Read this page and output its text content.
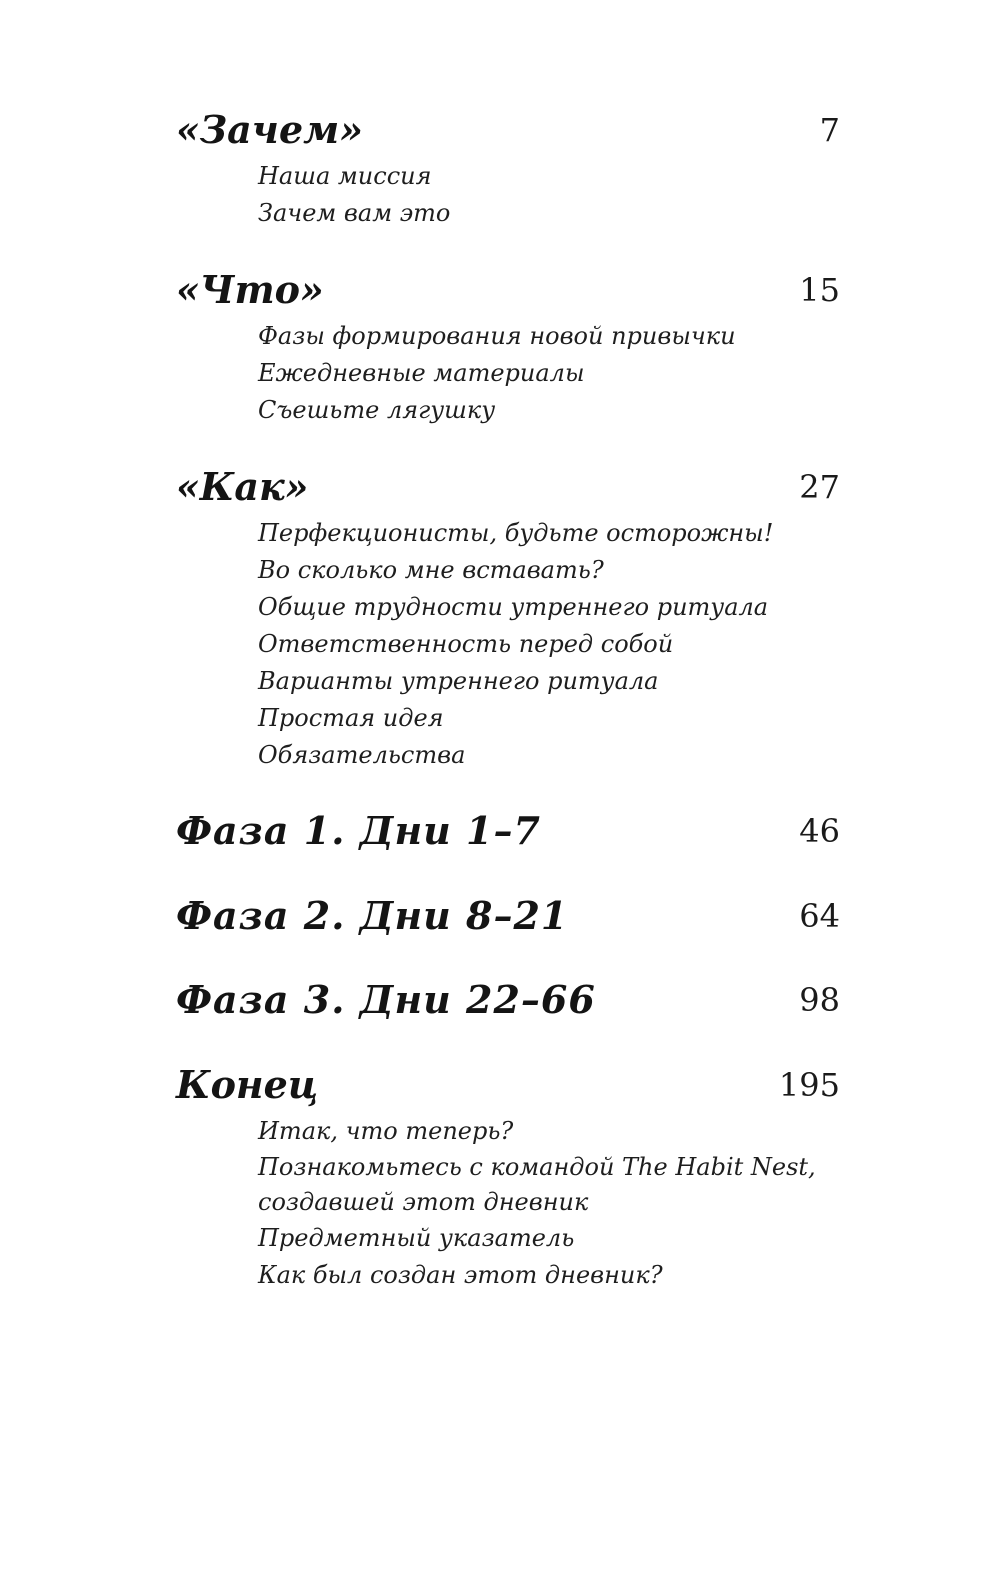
«Зачем»	7
Наша миссия
Зачем вам это
«Что»	15
Фазы формирования новой привычки
Ежедневные материалы
Съешьте лягушку
«Как»	27
Перфекционисты, будьте осторожны!
Во сколько мне вставать?
Общие трудности утреннего ритуала
Ответственность перед собой
Варианты утреннего ритуала
Простая идея
Обязательства
Фаза 1. Дни 1–7	46
Фаза 2. Дни 8–21	64
Фаза 3. Дни 22–66	98
Конец	195
Итак, что теперь?
Познакомьтесь с командой The Habit Nest, создавшей этот дневник
Предметный указатель
Как был создан этот дневник?
